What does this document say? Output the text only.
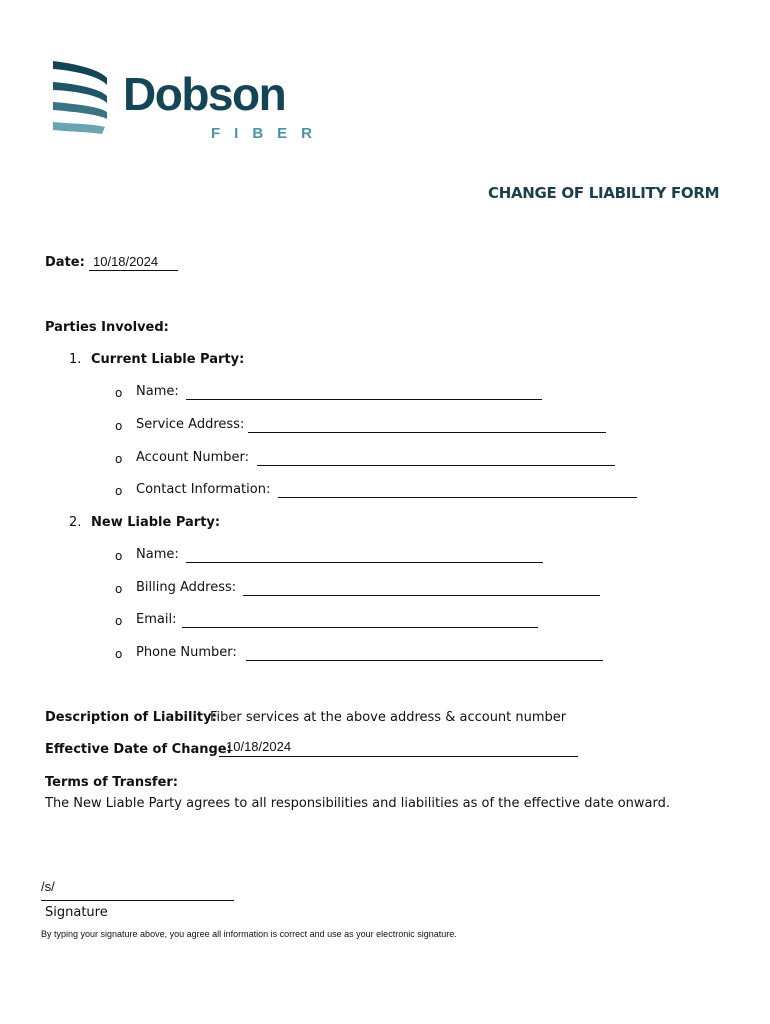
Dobson
FIBER
CHANGE OF LIABILITY FORM
Date: 10/18/2024
Parties Involved:
1. Current Liable Party:
o Name:
o Service Address:
o Account Number:
o Contact Information:
2. New Liable Party:
o Name:
o Billing Address:
o Email:
o Phone Number:
Description of Liability:
Fiber services at the above address & account number
Effective Date of Change:
10/18/2024
Terms of Transfer:
The New Liable Party agrees to all responsibilities and liabilities as of the effective date onward.
/s/
Signature
By typing your signature above, you agree all information is correct and use as your electronic signature.
